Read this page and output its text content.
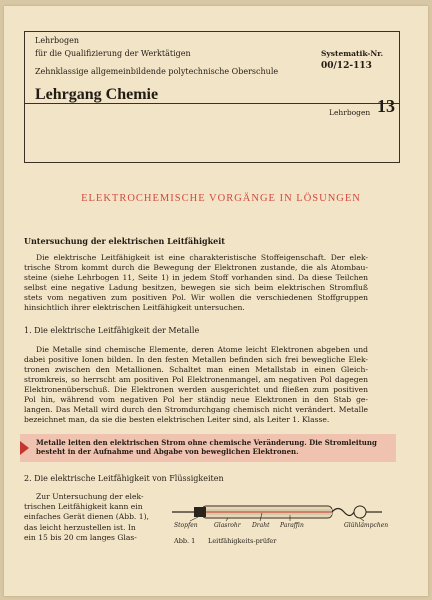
Lehrbogen
für die Qualifizierung der Werktätigen
Zehnklassige allgemeinbildende polytechnische Oberschule
Systematik-Nr.
00/12-113
Lehrgang Chemie
Lehrbogen 13
ELEKTROCHEMISCHE VORGÄNGE IN LÖSUNGEN
Untersuchung der elektrischen Leitfähigkeit
Die elektrische Leitfähigkeit ist eine charakteristische Stoffeigenschaft. Der elek-
trische Strom kommt durch die Bewegung der Elektronen zustande, die als Atombau-
steine (siehe Lehrbogen 11, Seite 1) in jedem Stoff vorhanden sind. Da diese Teilchen
selbst eine negative Ladung besitzen, bewegen sie sich beim elektrischen Stromfluß
stets vom negativen zum positiven Pol. Wir wollen die verschiedenen Stoffgruppen
hinsichtlich ihrer elektrischen Leitfähigkeit untersuchen.
1. Die elektrische Leitfähigkeit der Metalle
Die Metalle sind chemische Elemente, deren Atome leicht Elektronen abgeben und
dabei positive Ionen bilden. In den festen Metallen befinden sich frei bewegliche Elek-
tronen zwischen den Metallionen. Schaltet man einen Metallstab in einen Gleich-
stromkreis, so herrscht am positiven Pol Elektronenmangel, am negativen Pol dagegen
Elektronenüberschuß. Die Elektronen werden ausgerichtet und fließen zum positiven
Pol hin, während vom negativen Pol her ständig neue Elektronen in den Stab ge-
langen. Das Metall wird durch den Stromdurchgang chemisch nicht verändert. Metalle
bezeichnet man, da sie die besten elektrischen Leiter sind, als Leiter 1. Klasse.
Metalle leiten den elektrischen Strom ohne chemische Veränderung. Die Stromleitung
besteht in der Aufnahme und Abgabe von beweglichen Elektronen.
2. Die elektrische Leitfähigkeit von Flüssigkeiten
Zur Untersuchung der elek-
trischen Leitfähigkeit kann ein
einfaches Gerät dienen (Abb. 1),
das leicht herzustellen ist. In
ein 15 bis 20 cm langes Glas-
Stopfen	Glasrohr Draht Paraffin	Glühlämpchen
Abb. 1 Leitfähigkeits-prüfer
